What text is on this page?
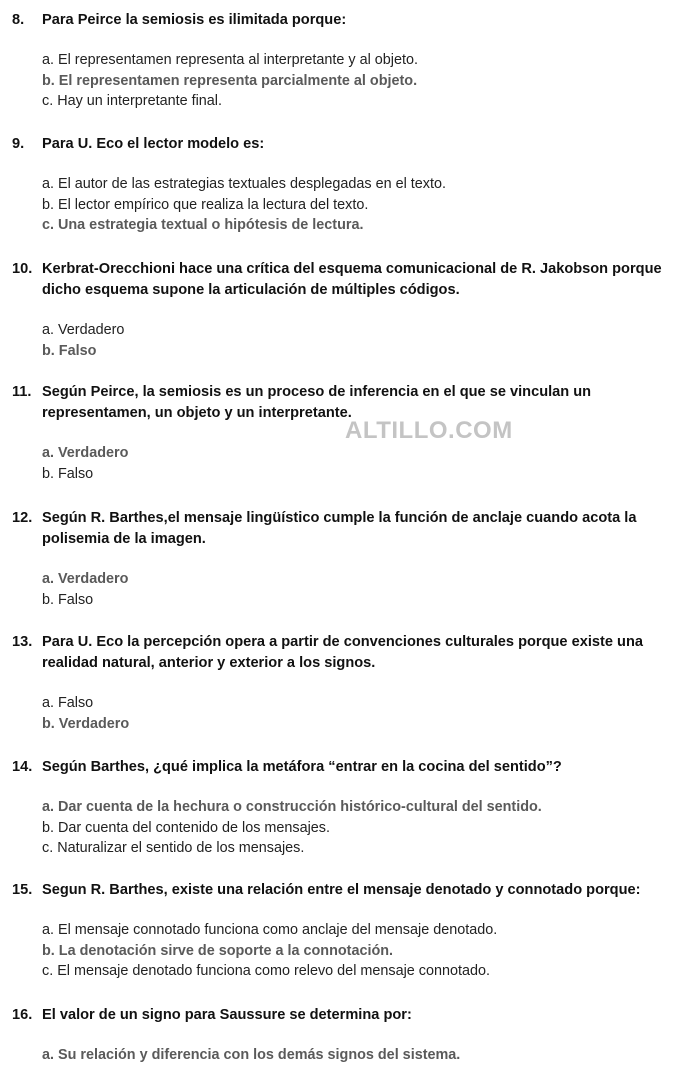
8. Para Peirce la semiosis es ilimitada porque:
a. El representamen representa al interpretante y al objeto.
b. El representamen representa parcialmente al objeto.
c. Hay un interpretante final.
9. Para U. Eco el lector modelo es:
a. El autor de las estrategias textuales desplegadas en el texto.
b. El lector empírico que realiza la lectura del texto.
c. Una estrategia textual o hipótesis de lectura.
10. Kerbrat-Orecchioni hace una crítica del esquema comunicacional de R. Jakobson porque dicho esquema supone la articulación de múltiples códigos.
a. Verdadero
b. Falso
11. Según Peirce, la semiosis es un proceso de inferencia en el que se vinculan un representamen, un objeto y un interpretante.
a. Verdadero
b. Falso
12. Según R. Barthes,el mensaje lingüístico cumple la función de anclaje cuando acota la polisemia de la imagen.
a. Verdadero
b. Falso
13. Para U. Eco la percepción opera a partir de convenciones culturales porque existe una realidad natural, anterior y exterior a los signos.
a. Falso
b. Verdadero
14. Según Barthes, ¿qué implica la metáfora “entrar en la cocina del sentido”?
a. Dar cuenta de la hechura o construcción histórico-cultural del sentido.
b. Dar cuenta del contenido de los mensajes.
c. Naturalizar el sentido de los mensajes.
15. Segun R. Barthes, existe una relación entre el mensaje denotado y connotado porque:
a. El mensaje connotado funciona como anclaje del mensaje denotado.
b. La denotación sirve de soporte a la connotación.
c. El mensaje denotado funciona como relevo del mensaje connotado.
16. El valor de un signo para Saussure se determina por:
a. Su relación y diferencia con los demás signos del sistema.
ALTILLO.COM
